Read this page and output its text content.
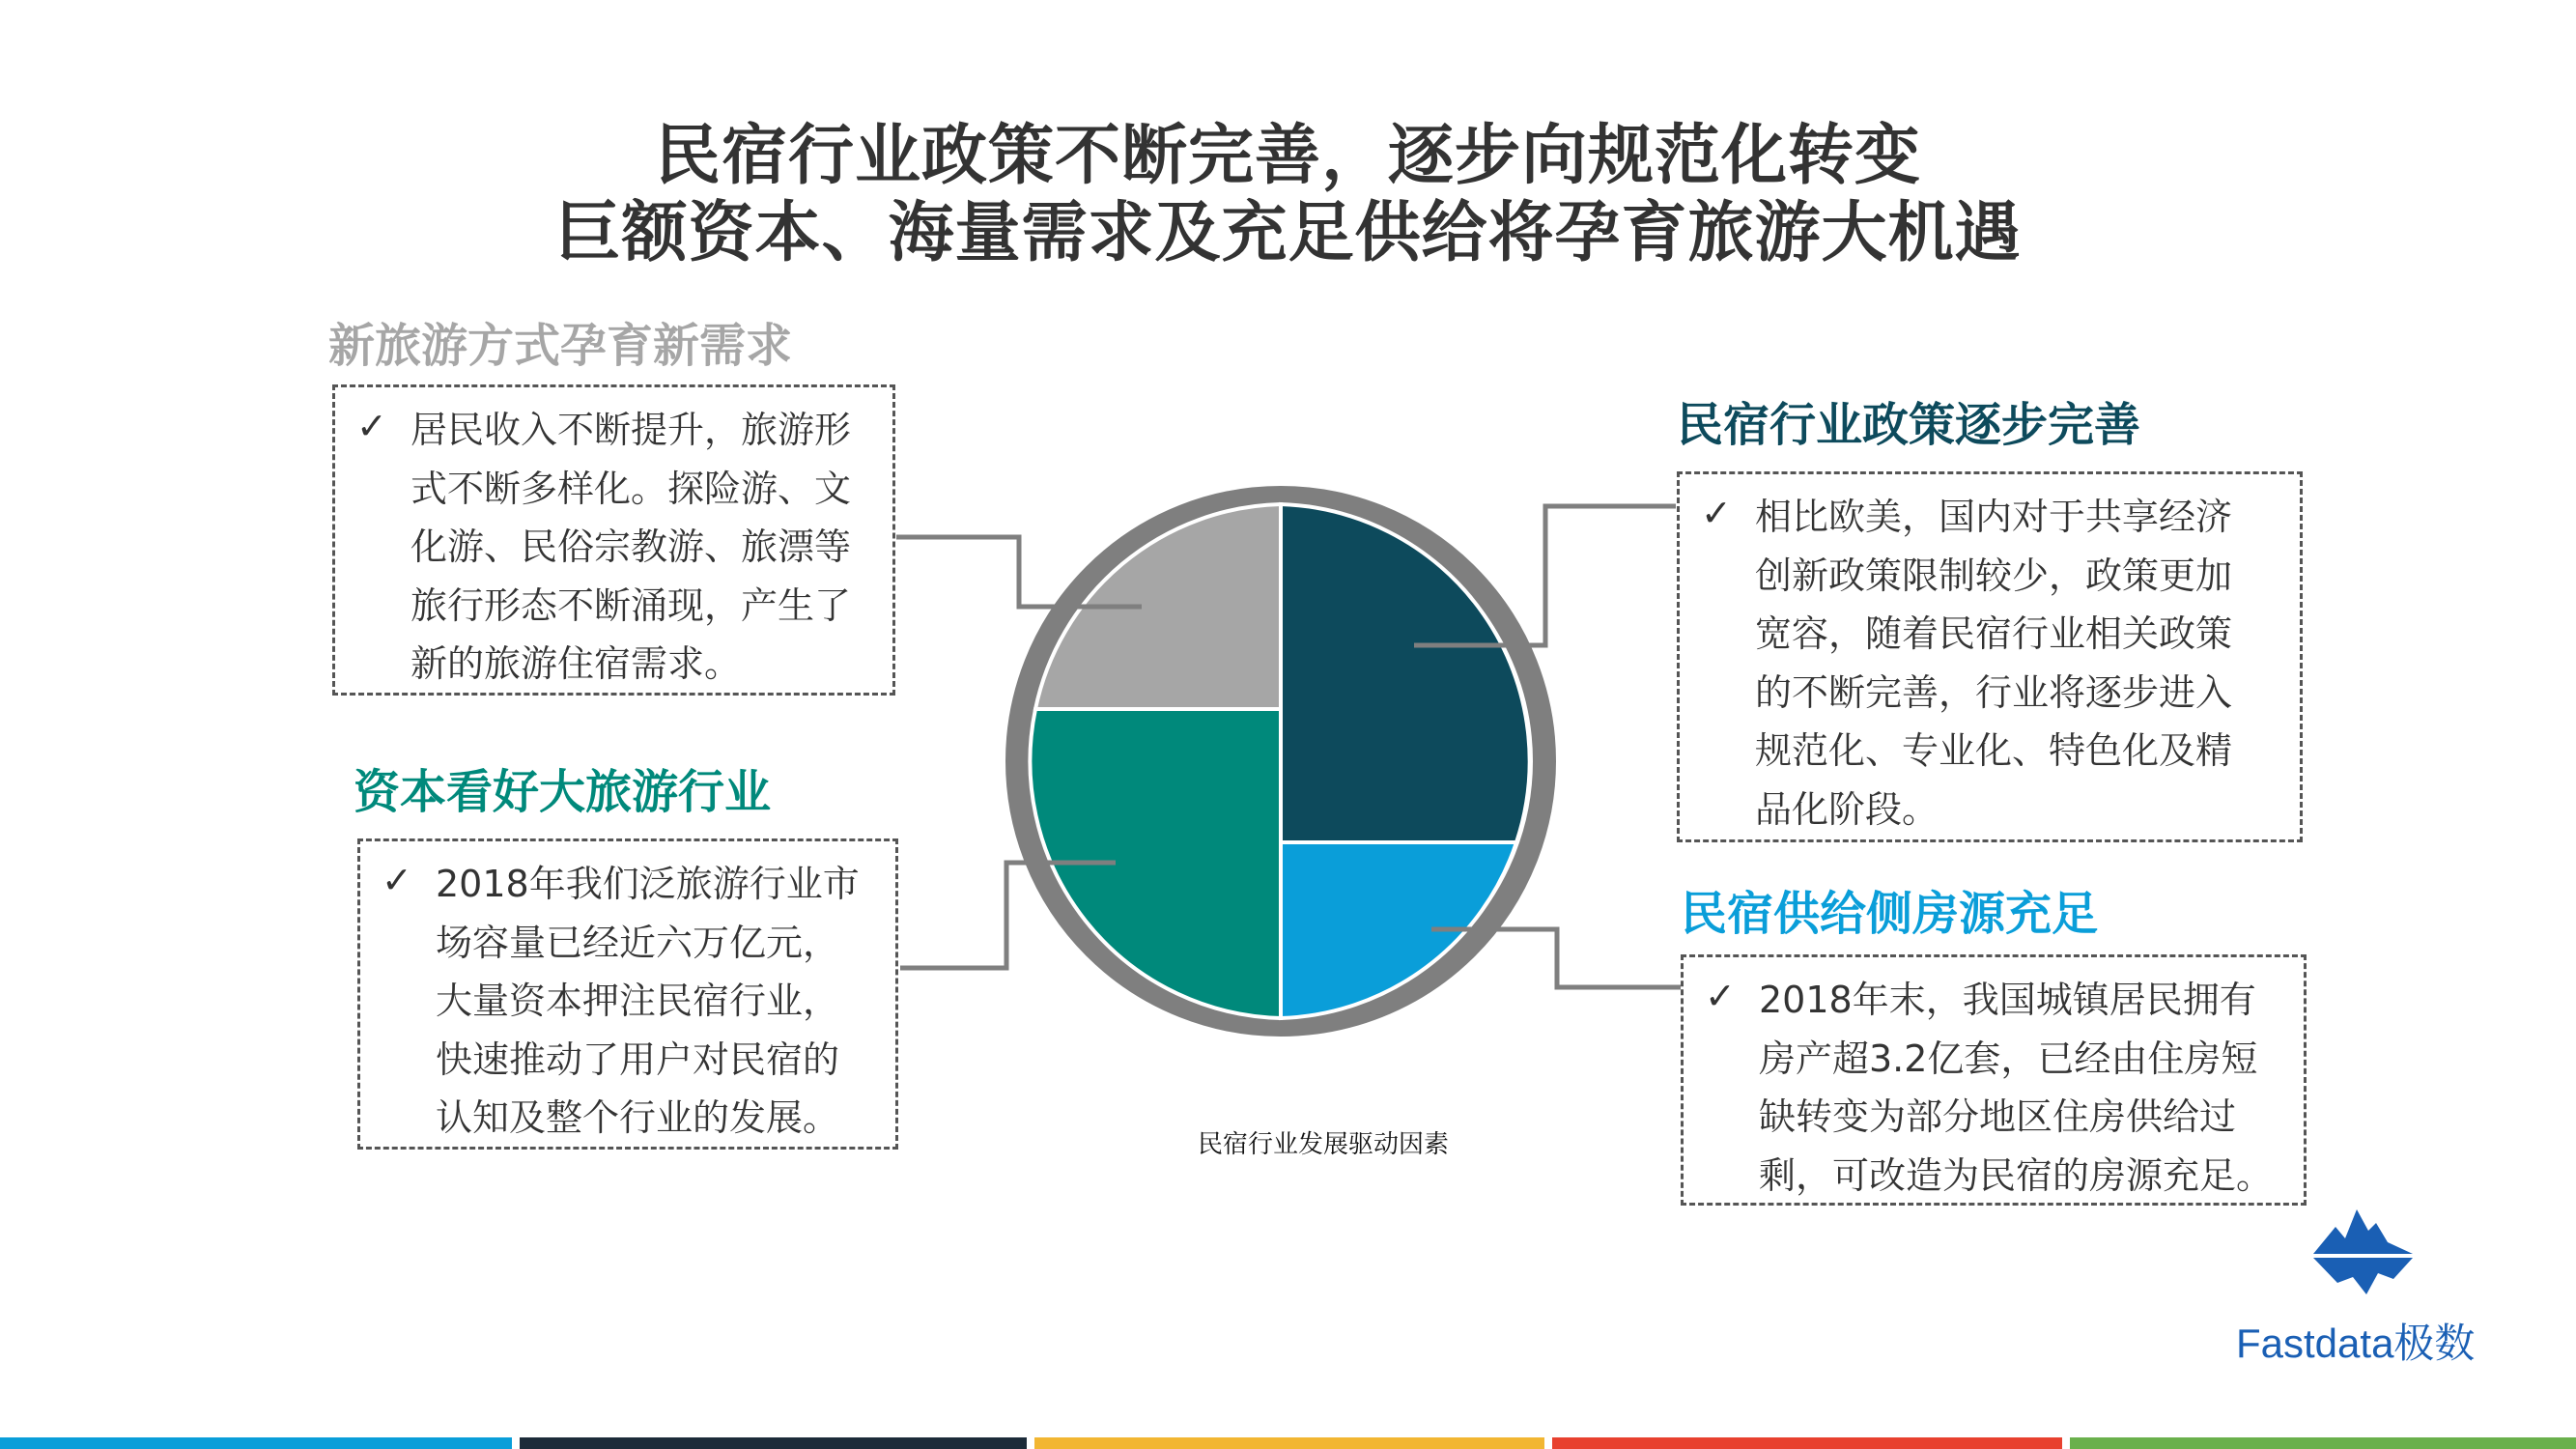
民宿行业政策不断完善，逐步向规范化转变
巨额资本、海量需求及充足供给将孕育旅游大机遇
民宿行业发展驱动因素
新旅游方式孕育新需求
✓ 居民收入不断提升，旅游形
式不断多样化。探险游、文
化游、民俗宗教游、旅漂等
旅行形态不断涌现，产生了
新的旅游住宿需求。
资本看好大旅游行业
✓ 2018年我们泛旅游行业市
场容量已经近六万亿元，
大量资本押注民宿行业，
快速推动了用户对民宿的
认知及整个行业的发展。
民宿行业政策逐步完善
✓ 相比欧美，国内对于共享经济
创新政策限制较少，政策更加
宽容，随着民宿行业相关政策
的不断完善，行业将逐步进入
规范化、专业化、特色化及精
品化阶段。
民宿供给侧房源充足
✓ 2018年末，我国城镇居民拥有
房产超3.2亿套，已经由住房短
缺转变为部分地区住房供给过
剩，可改造为民宿的房源充足。
Fastdata极数
